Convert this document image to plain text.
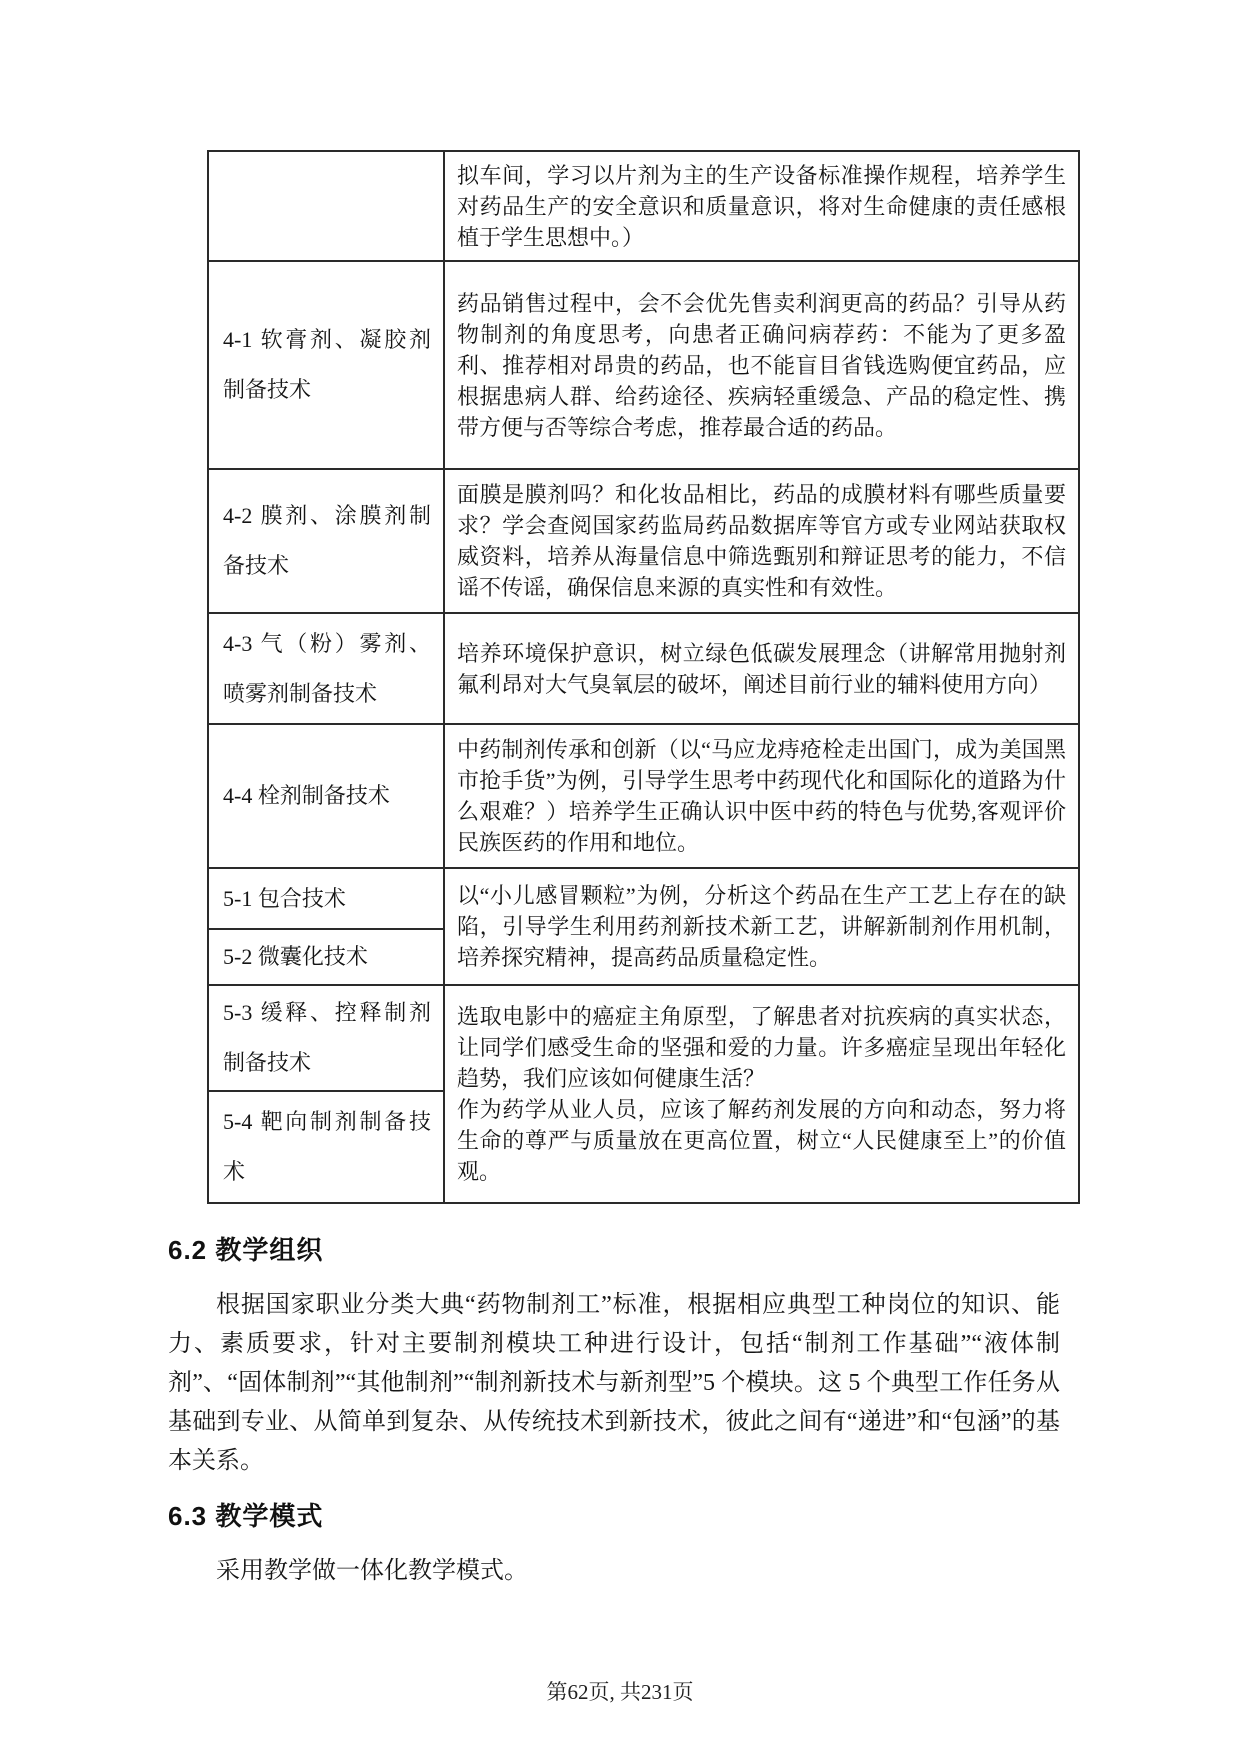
	拟车间，学习以片剂为主的生产设备标准操作规程，培养学生对药品生产的安全意识和质量意识，将对生命健康的责任感根植于学生思想中。）

4-1 软膏剂、凝胶剂制备技术	药品销售过程中，会不会优先售卖利润更高的药品？引导从药物制剂的角度思考，向患者正确问病荐药：不能为了更多盈利、推荐相对昂贵的药品，也不能盲目省钱选购便宜药品，应根据患病人群、给药途径、疾病轻重缓急、产品的稳定性、携带方便与否等综合考虑，推荐最合适的药品。

4-2 膜剂、涂膜剂制备技术	面膜是膜剂吗？和化妆品相比，药品的成膜材料有哪些质量要求？学会查阅国家药监局药品数据库等官方或专业网站获取权威资料，培养从海量信息中筛选甄别和辩证思考的能力，不信谣不传谣，确保信息来源的真实性和有效性。

4-3 气（粉）雾剂、喷雾剂制备技术	培养环境保护意识，树立绿色低碳发展理念（讲解常用抛射剂氟利昂对大气臭氧层的破坏，阐述目前行业的辅料使用方向）

4-4 栓剂制备技术	中药制剂传承和创新（以“马应龙痔疮栓走出国门，成为美国黑市抢手货”为例，引导学生思考中药现代化和国际化的道路为什么艰难？）培养学生正确认识中医中药的特色与优势,客观评价民族医药的作用和地位。

5-1 包合技术	以“小儿感冒颗粒”为例，分析这个药品在生产工艺上存在的缺陷，引导学生利用药剂新技术新工艺，讲解新制剂作用机制，培养探究精神，提高药品质量稳定性。

5-2 微囊化技术	
5-3 缓释、控释制剂制备技术	选取电影中的癌症主角原型，了解患者对抗疾病的真实状态，让同学们感受生命的坚强和爱的力量。许多癌症呈现出年轻化趋势，我们应该如何健康生活？

作为药学从业人员，应该了解药剂发展的方向和动态，努力将生命的尊严与质量放在更高位置，树立“人民健康至上”的价值观。

5-4 靶向制剂制备技术	
6.2 教学组织

根据国家职业分类大典“药物制剂工”标准，根据相应典型工种岗位的知识、能力、素质要求，针对主要制剂模块工种进行设计，包括“制剂工作基础”“液体制剂”、“固体制剂”“其他制剂”“制剂新技术与新剂型”5 个模块。这 5 个典型工作任务从基础到专业、从简单到复杂、从传统技术到新技术，彼此之间有“递进”和“包涵”的基本关系。

6.3 教学模式

采用教学做一体化教学模式。

第62页, 共231页
